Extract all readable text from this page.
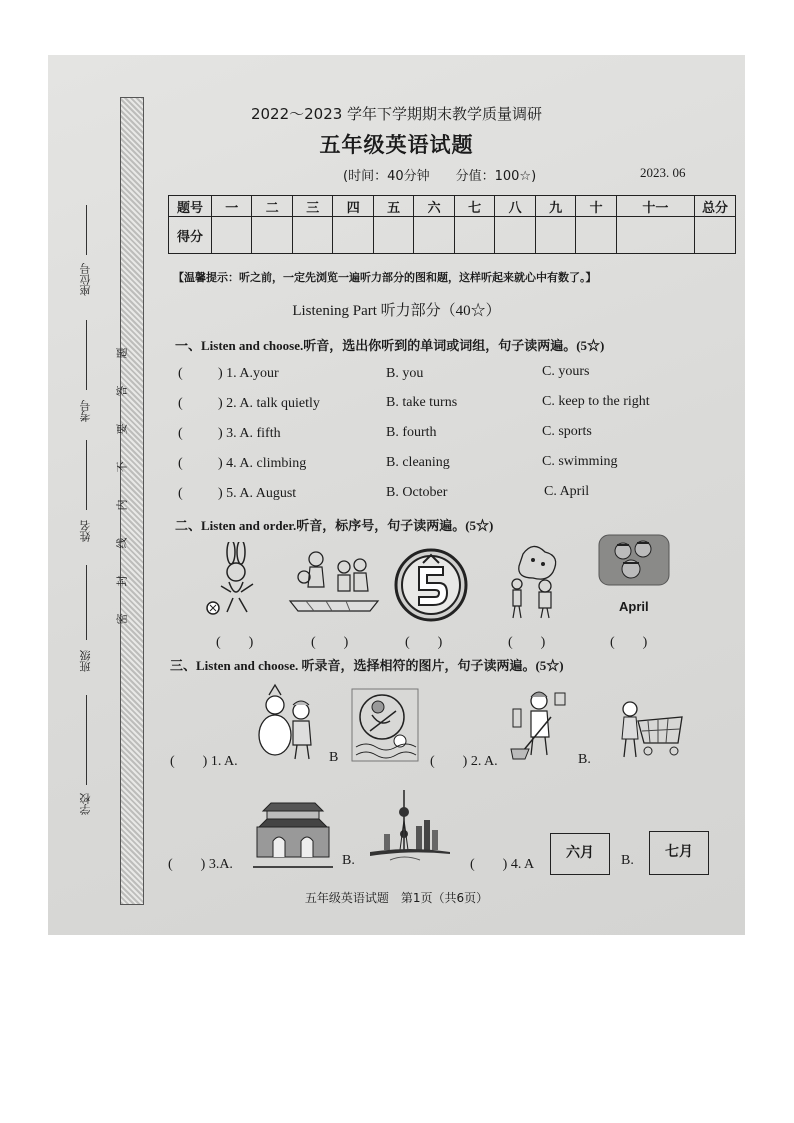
座位号
考号
姓名
班级
学校
题
答
要
不
内
线
封
密
2022～2023 学年下学期期末教学质量调研
五年级英语试题
(时间：40分钟　　分值：100☆)	2023. 06
题号	一	二	三	四	五	六	七	八	九	十	十一	总分
得分												
【温馨提示：听之前，一定先浏览一遍听力部分的图和题，这样听起来就心中有数了。】
Listening Part 听力部分（40☆）
一、Listen and choose.听音，选出你听到的单词或词组，句子读两遍。(5☆)
(	) 1. A.your	B. you	C. yours
(	) 2. A. talk quietly	B. take turns	C. keep to the right
(	) 3. A. fifth	B. fourth	C. sports
(	) 4. A. climbing	B. cleaning	C. swimming
(	) 5. A. August	B. October	C. April
二、Listen and order.听音，标序号，句子读两遍。(5☆)
April
(　　)	(　　)	(　　)	(　　)	(　　)
三、Listen and choose. 听录音，选择相符的图片，句子读两遍。(5☆)
(　　) 1. A.	B	(　　) 2. A.	B.
(　　) 3.A.	B.	(　　) 4. A
六月	B.
七月
五年级英语试题　第1页（共6页）
